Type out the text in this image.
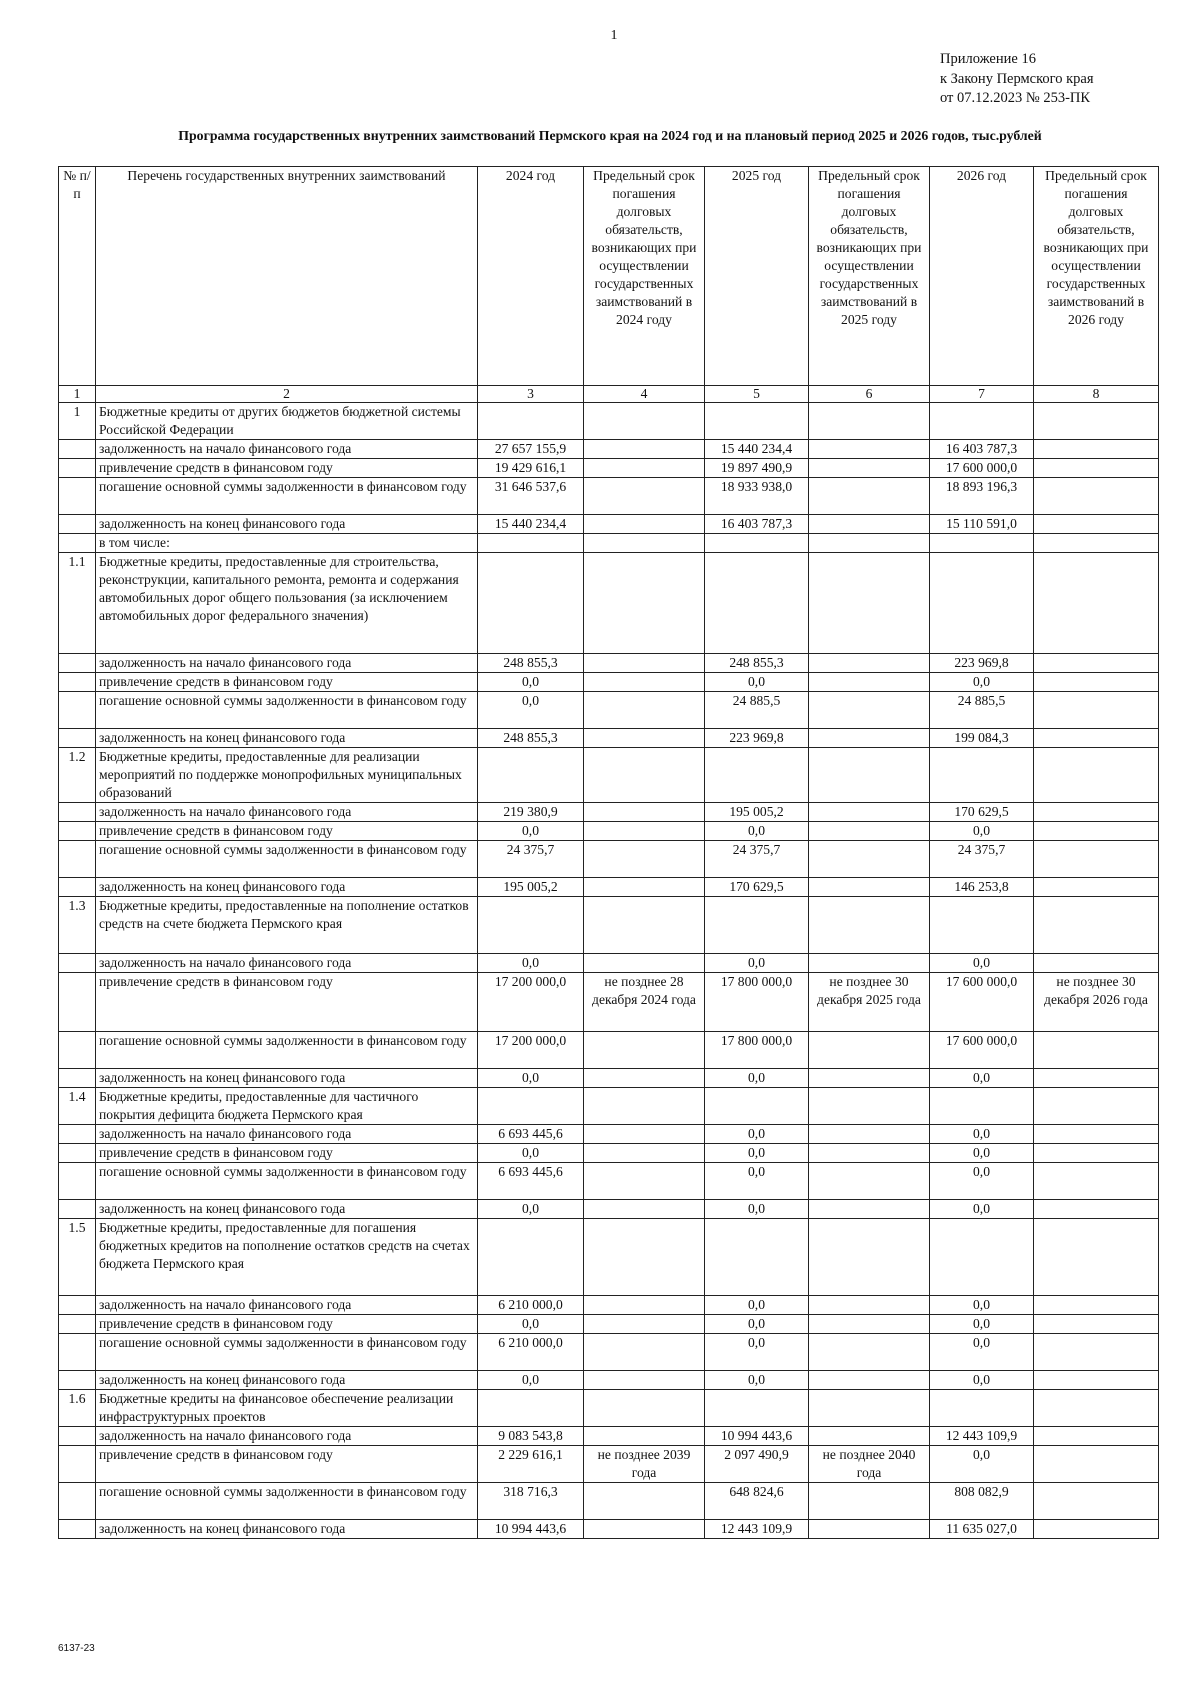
1
Приложение 16
к Закону Пермского края
от 07.12.2023 № 253-ПК
Программа государственных внутренних заимствований Пермского края на 2024 год и на плановый период 2025 и 2026 годов, тыс.рублей
№ п/п	Перечень государственных внутренних заимствований	2024 год	Предельный срок погашения долговых обязательств, возникающих при осуществлении государственных заимствований в 2024 году	2025 год	Предельный срок погашения долговых обязательств, возникающих при осуществлении государственных заимствований в 2025 году	2026 год	Предельный срок погашения долговых обязательств, возникающих при осуществлении государственных заимствований в 2026 году
1	2	3	4	5	6	7	8
1	Бюджетные кредиты от других бюджетов бюджетной системы Российской Федерации						
	задолженность на начало финансового года	27 657 155,9		15 440 234,4		16 403 787,3	
	привлечение средств в финансовом году	19 429 616,1		19 897 490,9		17 600 000,0	
	погашение основной суммы задолженности в финансовом году	31 646 537,6		18 933 938,0		18 893 196,3	
	задолженность на конец финансового года	15 440 234,4		16 403 787,3		15 110 591,0	
	в том числе:						
1.1	Бюджетные кредиты, предоставленные для строительства, реконструкции, капитального ремонта, ремонта и содержания автомобильных дорог общего пользования (за исключением автомобильных дорог федерального значения)						
	задолженность на начало финансового года	248 855,3		248 855,3		223 969,8	
	привлечение средств в финансовом году	0,0		0,0		0,0	
	погашение основной суммы задолженности в финансовом году	0,0		24 885,5		24 885,5	
	задолженность на конец финансового года	248 855,3		223 969,8		199 084,3	
1.2	Бюджетные кредиты, предоставленные для реализации мероприятий по поддержке монопрофильных муниципальных образований						
	задолженность на начало финансового года	219 380,9		195 005,2		170 629,5	
	привлечение средств в финансовом году	0,0		0,0		0,0	
	погашение основной суммы задолженности в финансовом году	24 375,7		24 375,7		24 375,7	
	задолженность на конец финансового года	195 005,2		170 629,5		146 253,8	
1.3	Бюджетные кредиты, предоставленные на пополнение остатков средств на счете бюджета Пермского края						
	задолженность на начало финансового года	0,0		0,0		0,0	
	привлечение средств в финансовом году	17 200 000,0	не позднее 28 декабря 2024 года	17 800 000,0	не позднее 30 декабря 2025 года	17 600 000,0	не позднее 30 декабря 2026 года
	погашение основной суммы задолженности в финансовом году	17 200 000,0		17 800 000,0		17 600 000,0	
	задолженность на конец финансового года	0,0		0,0		0,0	
1.4	Бюджетные кредиты, предоставленные для частичного покрытия дефицита бюджета Пермского края						
	задолженность на начало финансового года	6 693 445,6		0,0		0,0	
	привлечение средств в финансовом году	0,0		0,0		0,0	
	погашение основной суммы задолженности в финансовом году	6 693 445,6		0,0		0,0	
	задолженность на конец финансового года	0,0		0,0		0,0	
1.5	Бюджетные кредиты, предоставленные для погашения бюджетных кредитов на пополнение остатков средств на счетах бюджета Пермского края						
	задолженность на начало финансового года	6 210 000,0		0,0		0,0	
	привлечение средств в финансовом году	0,0		0,0		0,0	
	погашение основной суммы задолженности в финансовом году	6 210 000,0		0,0		0,0	
	задолженность на конец финансового года	0,0		0,0		0,0	
1.6	Бюджетные кредиты на финансовое обеспечение реализации инфраструктурных проектов						
	задолженность на начало финансового года	9 083 543,8		10 994 443,6		12 443 109,9	
	привлечение средств в финансовом году	2 229 616,1	не позднее 2039 года	2 097 490,9	не позднее 2040 года	0,0	
	погашение основной суммы задолженности в финансовом году	318 716,3		648 824,6		808 082,9	
	задолженность на конец финансового года	10 994 443,6		12 443 109,9		11 635 027,0	
6137-23
